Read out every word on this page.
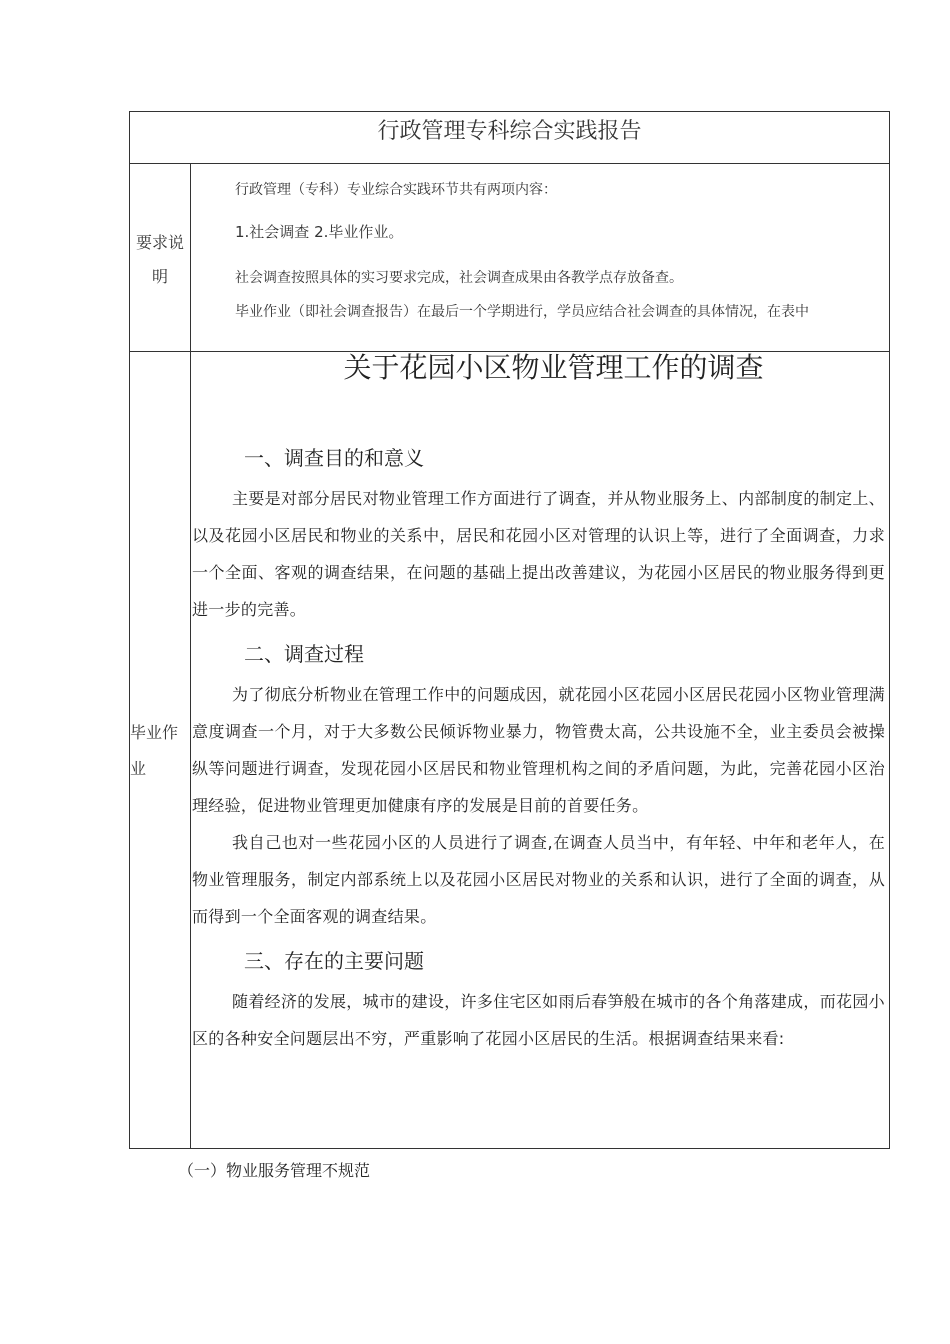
行政管理专科综合实践报告
要求说明

行政管理（专科）专业综合实践环节共有两项内容：

1.社会调查 2.毕业作业。

社会调查按照具体的实习要求完成，社会调查成果由各教学点存放备查。

毕业作业（即社会调查报告）在最后一个学期进行，学员应结合社会调查的具体情况，在表中

毕业作业
关于花园小区物业管理工作的调查
一、调查目的和意义

主要是对部分居民对物业管理工作方面进行了调查，并从物业服务上、内部制度的制定上、以及花园小区居民和物业的关系中，居民和花园小区对管理的认识上等，进行了全面调查，力求一个全面、客观的调查结果，在问题的基础上提出改善建议，为花园小区居民的物业服务得到更进一步的完善。

二、调查过程

为了彻底分析物业在管理工作中的问题成因，就花园小区花园小区居民花园小区物业管理满意度调查一个月，对于大多数公民倾诉物业暴力，物管费太高，公共设施不全，业主委员会被操纵等问题进行调查，发现花园小区居民和物业管理机构之间的矛盾问题，为此，完善花园小区治理经验，促进物业管理更加健康有序的发展是目前的首要任务。

我自己也对一些花园小区的人员进行了调查,在调查人员当中，有年轻、中年和老年人，在物业管理服务，制定内部系统上以及花园小区居民对物业的关系和认识，进行了全面的调查，从而得到一个全面客观的调查结果。

三、存在的主要问题

随着经济的发展，城市的建设，许多住宅区如雨后春笋般在城市的各个角落建成，而花园小区的各种安全问题层出不穷，严重影响了花园小区居民的生活。根据调查结果来看:

（一）物业服务管理不规范
